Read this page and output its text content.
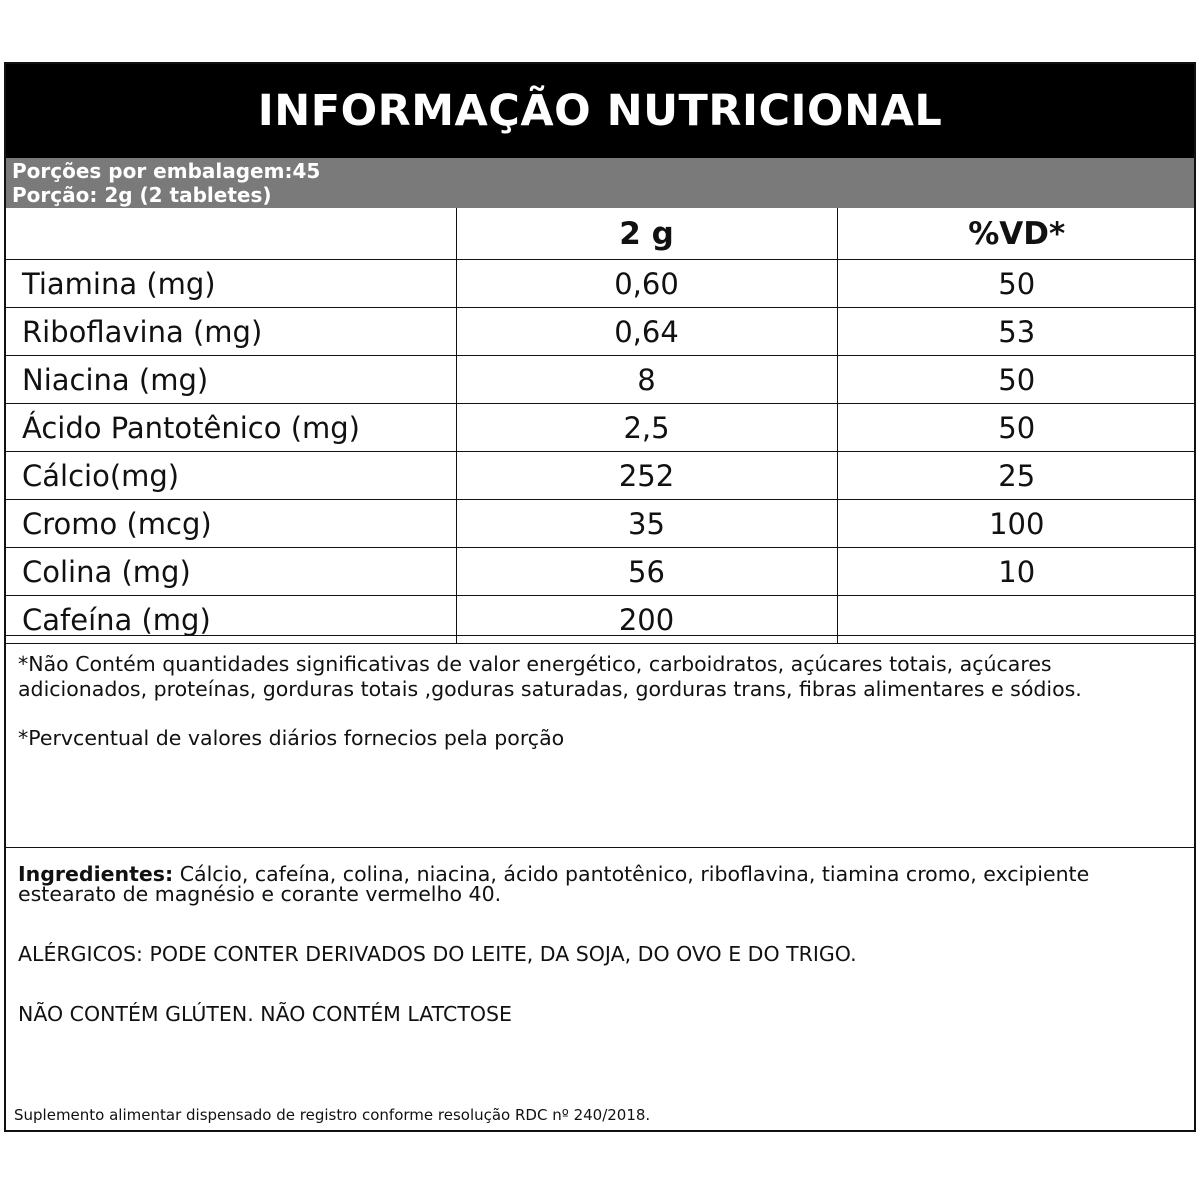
INFORMAÇÃO NUTRICIONAL
Porções por embalagem:45
Porção: 2g (2 tabletes)
	2 g	%VD*
Tiamina (mg)	0,60	50
Riboflavina (mg)	0,64	53
Niacina (mg)	8	50
Ácido Pantotênico (mg)	2,5	50
Cálcio(mg)	252	25
Cromo (mcg)	35	100
Colina (mg)	56	10
Cafeína (mg)	200	

*Não Contém quantidades significativas de valor energético, carboidratos, açúcares totais, açúcares adicionados, proteínas, gorduras totais ,goduras saturadas, gorduras trans, fibras alimentares e sódios.

*Pervcentual de valores diários fornecios pela porção

Ingredientes: Cálcio, cafeína, colina, niacina, ácido pantotênico, riboflavina, tiamina cromo, excipiente estearato de magnésio e corante vermelho 40.
ALÉRGICOS: PODE CONTER DERIVADOS DO LEITE, DA SOJA, DO OVO E DO TRIGO.
NÃO CONTÉM GLÚTEN. NÃO CONTÉM LATCTOSE
Suplemento alimentar dispensado de registro conforme resolução RDC nº 240/2018.
